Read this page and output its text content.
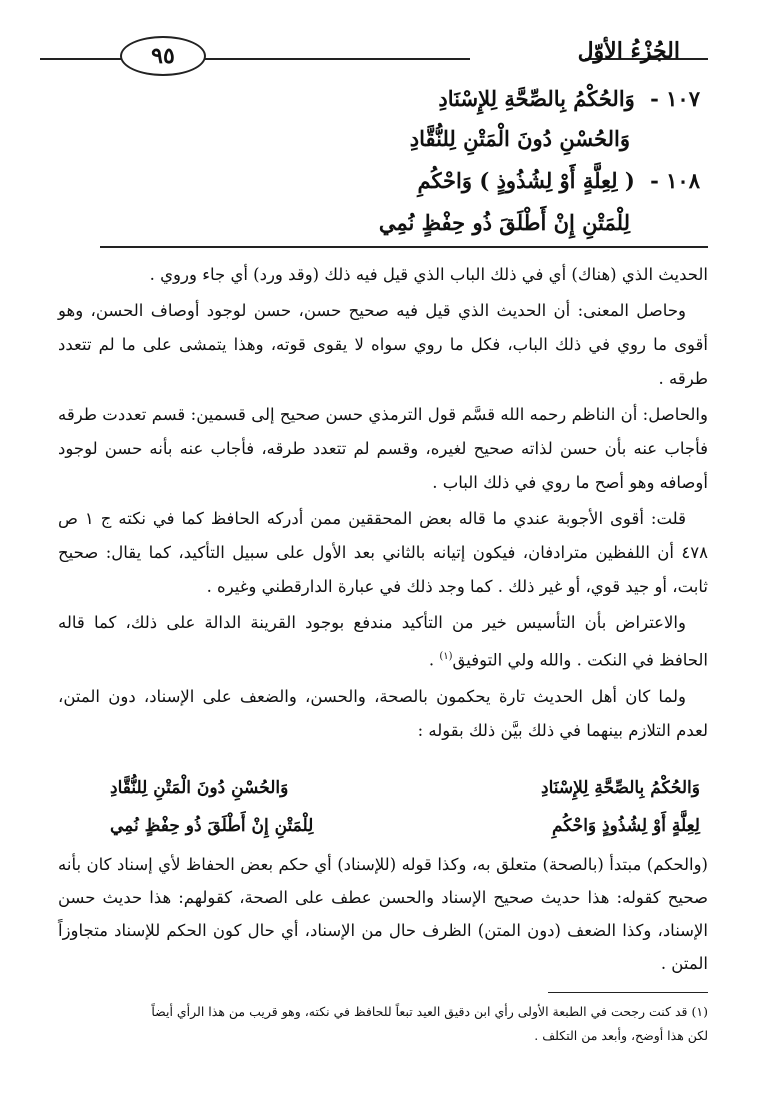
الجُزْءُ الأوّل
٩٥
١٠٧ - وَالحُكْمُ بِالصِّحَّةِ لِلإِسْنَادِ
وَالحُسْنِ دُونَ الْمَتْنِ لِلنُّقَّادِ
١٠٨ - ( لِعِلَّةٍ أَوْ لِشُذُوذٍ ) وَاحْكُمِ
لِلْمَتْنِ إِنْ أَطْلَقَ ذُو حِفْظٍ نُمِي

الحديث الذي (هناك) أي في ذلك الباب الذي قيل فيه ذلك (وقد ورد) أي جاء وروي .

وحاصل المعنى: أن الحديث الذي قيل فيه صحيح حسن، حسن لوجود أوصاف الحسن، وهو أقوى ما روي في ذلك الباب، فكل ما روي سواه لا يقوى قوته، وهذا يتمشى على ما لم تتعدد طرقه .

والحاصل: أن الناظم رحمه الله قسَّم قول الترمذي حسن صحيح إلى قسمين: قسم تعددت طرقه فأجاب عنه بأن حسن لذاته صحيح لغيره، وقسم لم تتعدد طرقه، فأجاب عنه بأنه حسن لوجود أوصافه وهو أصح ما روي في ذلك الباب .

قلت: أقوى الأجوبة عندي ما قاله بعض المحققين ممن أدركه الحافظ كما في نكته ج ١ ص ٤٧٨ أن اللفظين مترادفان، فيكون إتيانه بالثاني بعد الأول على سبيل التأكيد، كما يقال: صحيح ثابت، أو جيد قوي، أو غير ذلك . كما وجد ذلك في عبارة الدارقطني وغيره .

والاعتراض بأن التأسيس خير من التأكيد مندفع بوجود القرينة الدالة على ذلك، كما قاله الحافظ في النكت . والله ولي التوفيق$^{(١)}$ .

ولما كان أهل الحديث تارة يحكمون بالصحة، والحسن، والضعف على الإسناد، دون المتن، لعدم التلازم بينهما في ذلك بيَّن ذلك بقوله :

وَالحُكْمُ بِالصِّحَّةِ لِلإِسْنَادِ
وَالحُسْنِ دُونَ الْمَتْنِ لِلنُّقَّادِ
لِعِلَّةٍ أَوْ لِشُذُوذٍ وَاحْكُمِ
لِلْمَتْنِ إِنْ أَطْلَقَ ذُو حِفْظٍ نُمِي

(والحكم) مبتدأ (بالصحة) متعلق به، وكذا قوله (للإسناد) أي حكم بعض الحفاظ لأي إسناد كان بأنه صحيح كقوله: هذا حديث صحيح الإسناد والحسن عطف على الصحة، كقولهم: هذا حديث حسن الإسناد، وكذا الضعف (دون المتن) الظرف حال من الإسناد، أي حال كون الحكم للإسناد متجاوزاً المتن .

(١) قد كنت رجحت في الطبعة الأولى رأي ابن دقيق العيد تبعاً للحافظ في نكته، وهو قريب من هذا الرأي أيضاً

لكن هذا أوضح، وأبعد من التكلف .
